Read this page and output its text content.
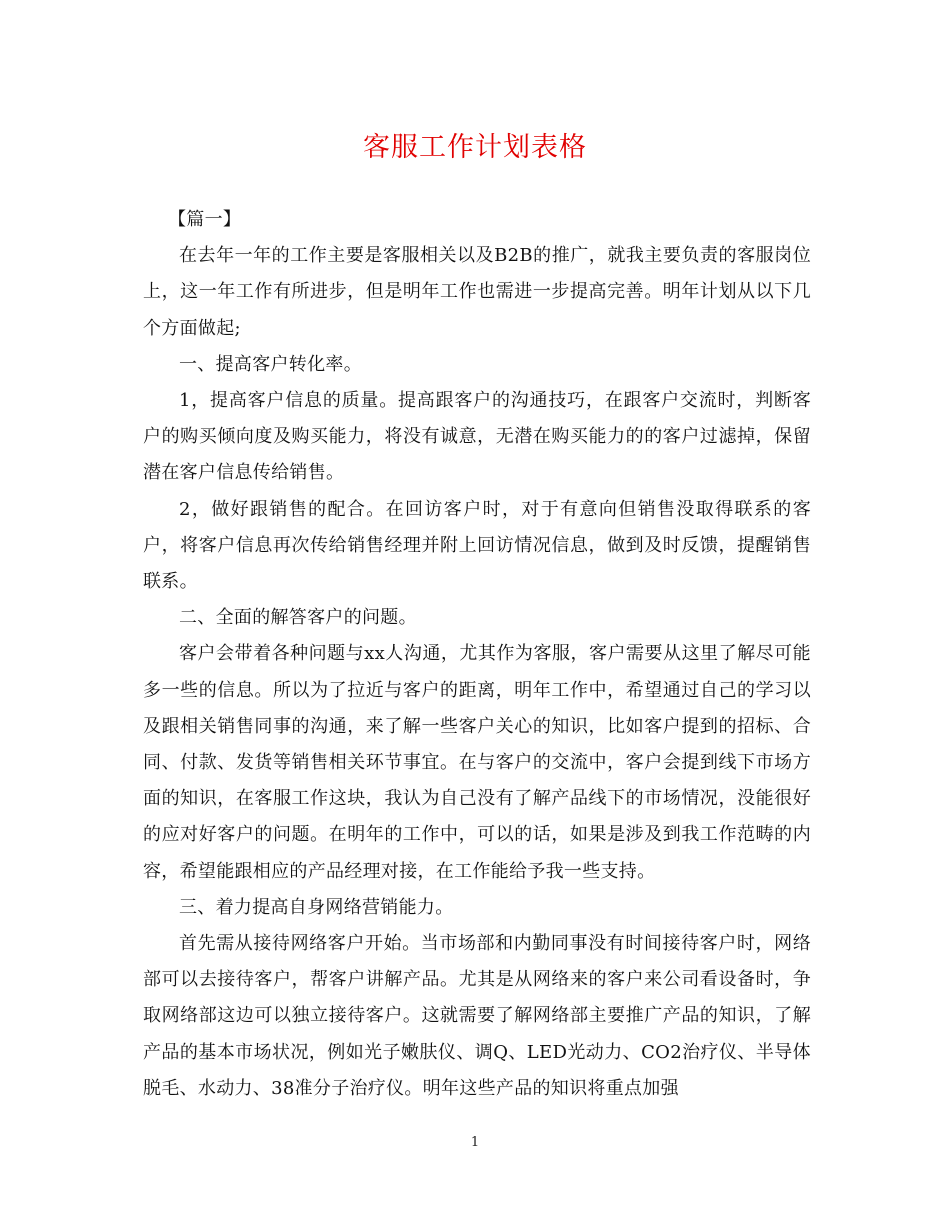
客服工作计划表格

【篇一】

在去年一年的工作主要是客服相关以及B2B的推广，就我主要负责的客服岗位上，这一年工作有所进步，但是明年工作也需进一步提高完善。明年计划从以下几个方面做起;

一、提高客户转化率。

1，提高客户信息的质量。提高跟客户的沟通技巧，在跟客户交流时，判断客户的购买倾向度及购买能力，将没有诚意，无潜在购买能力的的客户过滤掉，保留潜在客户信息传给销售。

2，做好跟销售的配合。在回访客户时，对于有意向但销售没取得联系的客户，将客户信息再次传给销售经理并附上回访情况信息，做到及时反馈，提醒销售联系。

二、全面的解答客户的问题。

客户会带着各种问题与xx人沟通，尤其作为客服，客户需要从这里了解尽可能多一些的信息。所以为了拉近与客户的距离，明年工作中，希望通过自己的学习以及跟相关销售同事的沟通，来了解一些客户关心的知识，比如客户提到的招标、合同、付款、发货等销售相关环节事宜。在与客户的交流中，客户会提到线下市场方面的知识，在客服工作这块，我认为自己没有了解产品线下的市场情况，没能很好的应对好客户的问题。在明年的工作中，可以的话，如果是涉及到我工作范畴的内容，希望能跟相应的产品经理对接，在工作能给予我一些支持。

三、着力提高自身网络营销能力。

首先需从接待网络客户开始。当市场部和内勤同事没有时间接待客户时，网络部可以去接待客户，帮客户讲解产品。尤其是从网络来的客户来公司看设备时，争取网络部这边可以独立接待客户。这就需要了解网络部主要推广产品的知识，了解产品的基本市场状况，例如光子嫩肤仪、调Q、LED光动力、CO2治疗仪、半导体脱毛、水动力、38准分子治疗仪。明年这些产品的知识将重点加强

1
